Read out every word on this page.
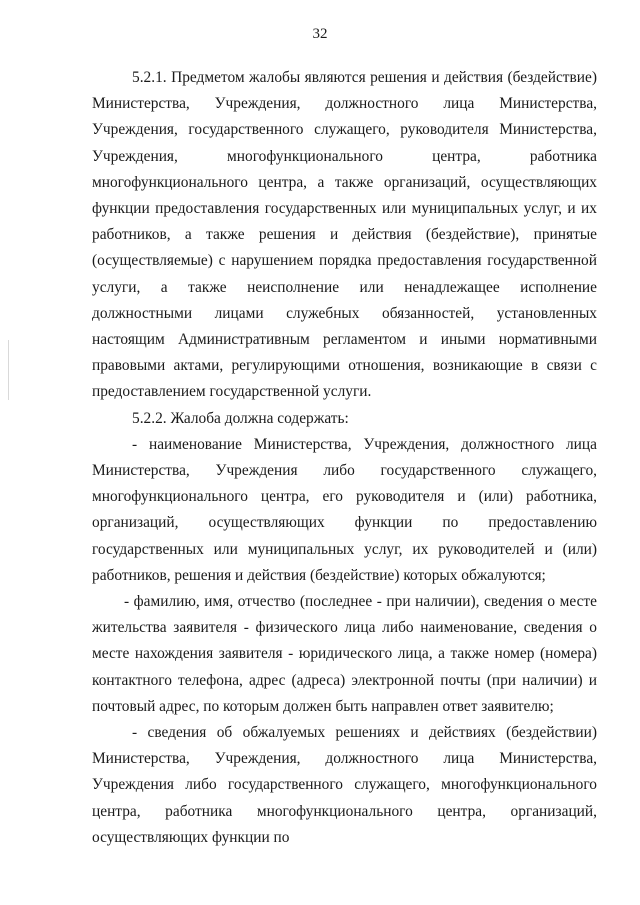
32

5.2.1. Предметом жалобы являются решения и действия (бездействие) Министерства, Учреждения, должностного лица Министерства, Учреждения, государственного служащего, руководителя Министерства, Учреждения, многофункционального центра, работника многофункционального центра, а также организаций, осуществляющих функции предоставления государственных или муниципальных услуг, и их работников, а также решения и действия (бездействие), принятые (осуществляемые) с нарушением порядка предоставления государственной услуги, а также неисполнение или ненадлежащее исполнение должностными лицами служебных обязанностей, установленных настоящим Административным регламентом и иными нормативными правовыми актами, регулирующими отношения, возникающие в связи с предоставлением государственной услуги.

5.2.2. Жалоба должна содержать:

- наименование Министерства, Учреждения, должностного лица Министерства, Учреждения либо государственного служащего, многофункционального центра, его руководителя и (или) работника, организаций, осуществляющих функции по предоставлению государственных или муниципальных услуг, их руководителей и (или) работников, решения и действия (бездействие) которых обжалуются;

- фамилию, имя, отчество (последнее - при наличии), сведения о месте жительства заявителя - физического лица либо наименование, сведения о месте нахождения заявителя - юридического лица, а также номер (номера) контактного телефона, адрес (адреса) электронной почты (при наличии) и почтовый адрес, по которым должен быть направлен ответ заявителю;

- сведения об обжалуемых решениях и действиях (бездействии) Министерства, Учреждения, должностного лица Министерства, Учреждения либо государственного служащего, многофункционального центра, работника многофункционального центра, организаций, осуществляющих функции по
